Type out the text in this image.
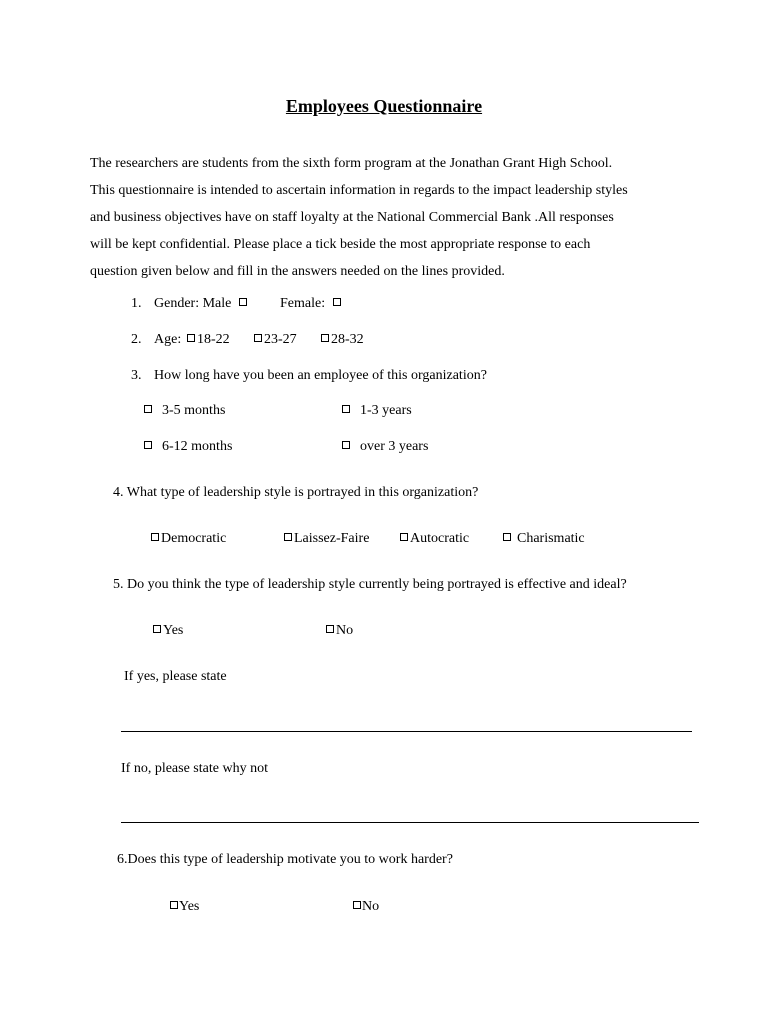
Employees Questionnaire
The researchers are students from the sixth form program at the Jonathan Grant High School.
This questionnaire is intended to ascertain information in regards to the impact leadership styles
and business objectives have on staff loyalty at the National Commercial Bank .All responses
will be kept confidential. Please place a tick beside the most appropriate response to each
question given below and fill in the answers needed on the lines provided.
1. Gender: Male	Female:
2. Age:	18-22	23-27	28-32
3. How long have you been an employee of this organization?
3-5 months	1-3 years
6-12 months	over 3 years
4. What type of leadership style is portrayed in this organization?
Democratic	Laissez-Faire	Autocratic	Charismatic
5. Do you think the type of leadership style currently being portrayed is effective and ideal?
Yes	No
If yes, please state
If no, please state why not
6.Does this type of leadership motivate you to work harder?
Yes	No
